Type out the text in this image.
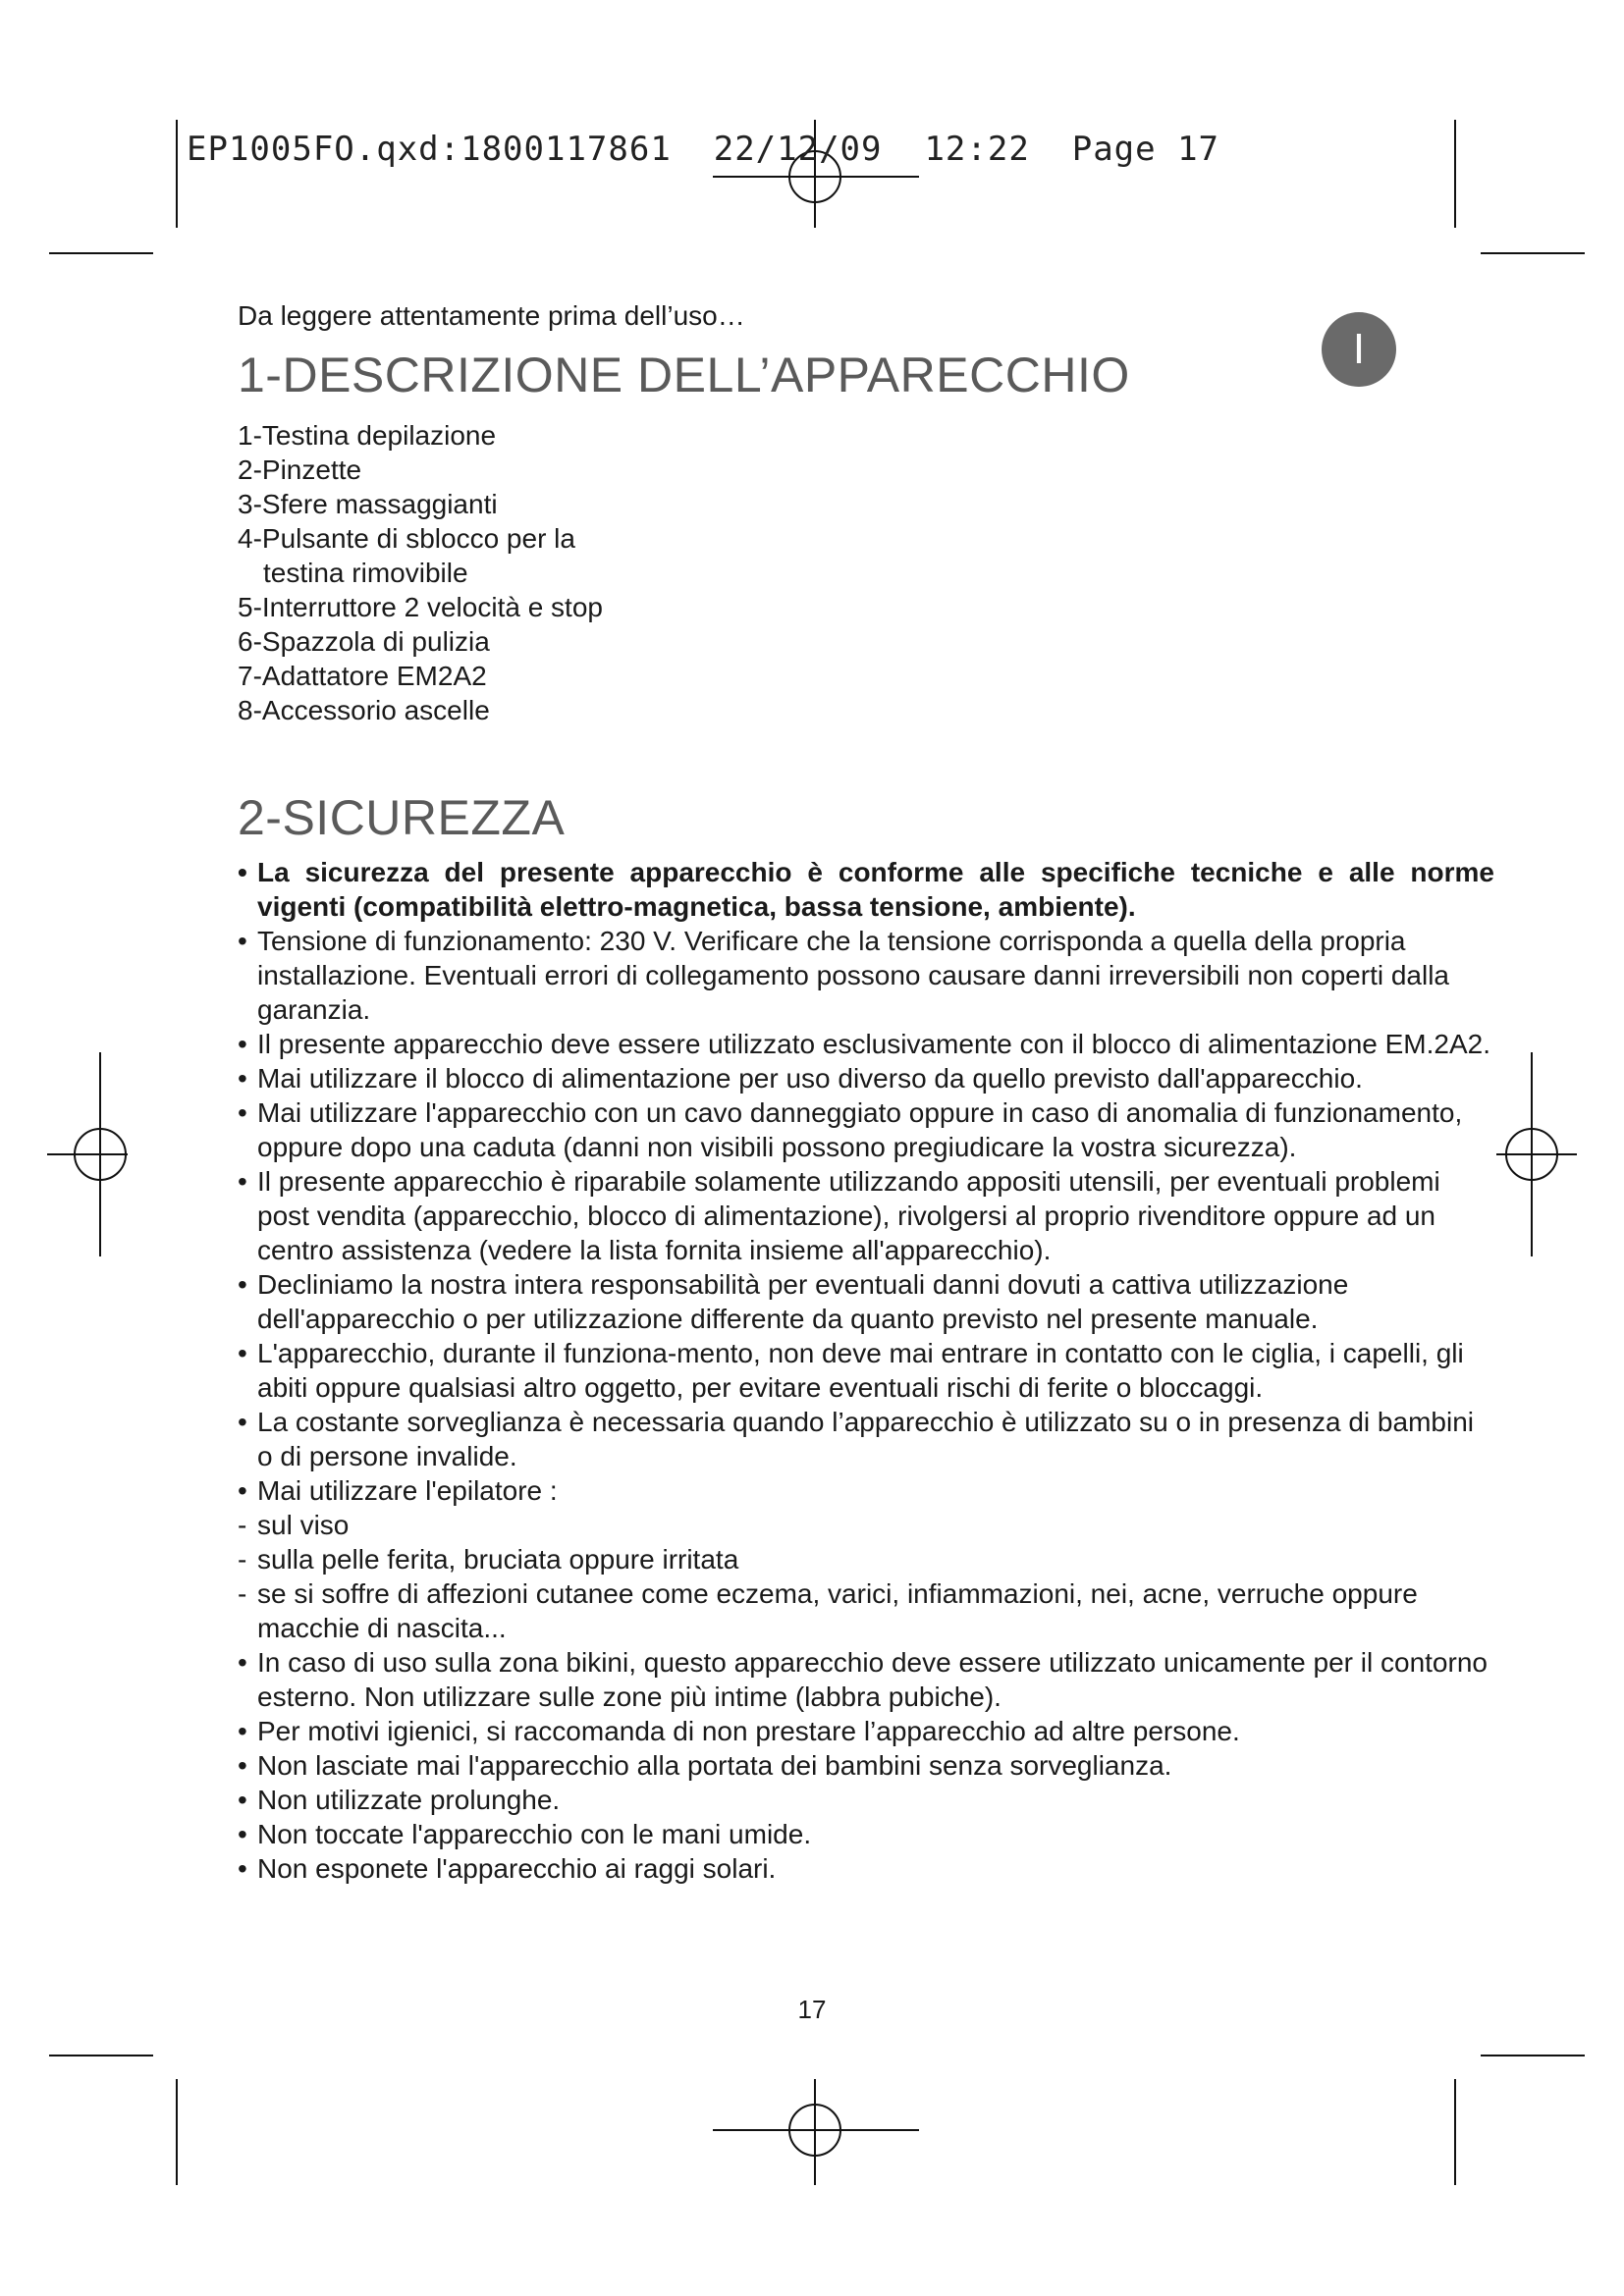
EP1005FO.qxd:1800117861  22/12/09  12:22  Page 17
I

Da leggere attentamente prima dell’uso…

1-DESCRIZIONE DELL’APPARECCHIO
1-Testina depilazione
2-Pinzette
3-Sfere massaggianti
4-Pulsante di sblocco per la
testina rimovibile
5-Interruttore 2 velocità e stop
6-Spazzola di pulizia
7-Adattatore EM2A2
8-Accessorio ascelle
2-SICUREZZA
• La sicurezza del presente apparecchio è conforme alle specifiche tecniche e alle norme vigenti (compatibilità elettro-magnetica, bassa tensione, ambiente).
• Tensione di funzionamento: 230 V. Verificare che la tensione corrisponda a quella della propria installazione. Eventuali errori di collegamento possono causare danni irreversibili non coperti dalla garanzia.
• Il presente apparecchio deve essere utilizzato esclusivamente con il blocco di alimentazione EM.2A2.
• Mai utilizzare il blocco di alimentazione per uso diverso da quello previsto dall'apparecchio.
• Mai utilizzare l'apparecchio con un cavo danneggiato oppure in caso di anomalia di funzionamento, oppure dopo una caduta (danni non visibili possono pregiudicare la vostra sicurezza).
• Il presente apparecchio è riparabile solamente utilizzando appositi utensili, per eventuali problemi post vendita (apparecchio, blocco di alimentazione), rivolgersi al proprio rivenditore oppure ad un centro assistenza (vedere la lista fornita insieme all'apparecchio).
• Decliniamo la nostra intera responsabilità per eventuali danni dovuti a cattiva utilizzazione dell'apparecchio o per utilizzazione differente da quanto previsto nel presente manuale.
• L'apparecchio, durante il funziona-mento, non deve mai entrare in contatto con le ciglia, i capelli, gli abiti oppure qualsiasi altro oggetto, per evitare eventuali rischi di ferite o bloccaggi.
• La costante sorveglianza è necessaria quando l’apparecchio è utilizzato su o in presenza di bambini o di persone invalide.
• Mai utilizzare l'epilatore :
- sul viso
- sulla pelle ferita, bruciata oppure irritata
- se si soffre di affezioni cutanee come eczema, varici, infiammazioni, nei, acne, verruche oppure macchie di nascita...
• In caso di uso sulla zona bikini, questo apparecchio deve essere utilizzato unicamente per il contorno esterno. Non utilizzare sulle zone più intime (labbra pubiche).
• Per motivi igienici, si raccomanda di non prestare l’apparecchio ad altre persone.
• Non lasciate mai l'apparecchio alla portata dei bambini senza sorveglianza.
• Non utilizzate prolunghe.
• Non toccate l'apparecchio con le mani umide.
• Non esponete l'apparecchio ai raggi solari.
17
